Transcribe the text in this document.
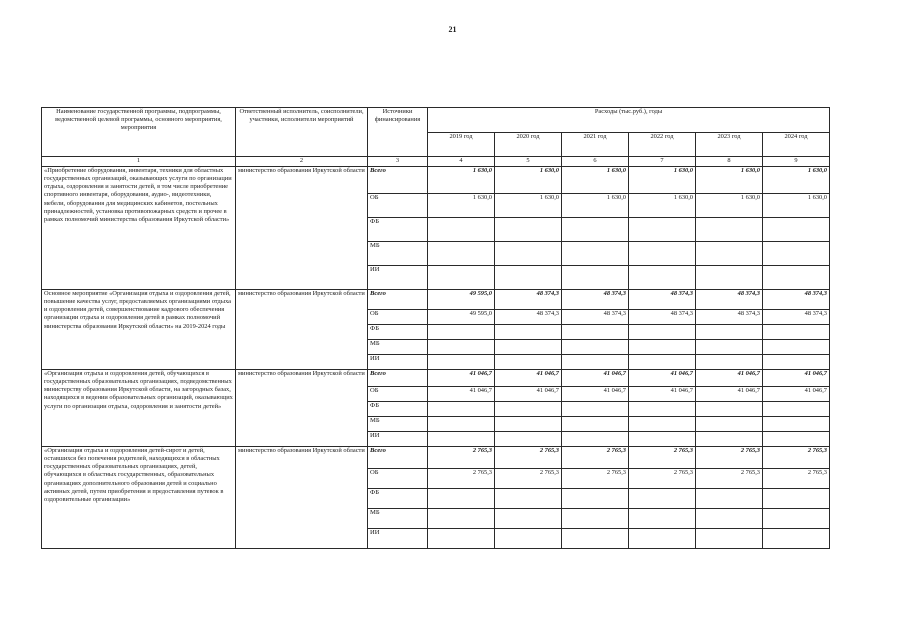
21
Наименование государственной программы, подпрограммы, ведомственной целевой программы, основного мероприятия, мероприятия	Ответственный исполнитель, соисполнители, участники, исполнители мероприятий	Источники финансирования	Расходы (тыс.руб.), годы					
			2019 год	2020 год	2021 год	2022 год	2023 год	2024 год
1	2	3	4	5	6	7	8	9
«Приобретение оборудования, инвентаря, техники для областных государственных организаций, оказывающих услуги по организации отдыха, оздоровления и занятости детей, в том числе приобретение спортивного инвентаря, оборудования, аудио-, видеотехники, мебели, оборудования для медицинских кабинетов, постельных принадлежностей, установка противопожарных средств и прочее в рамках полномочий министерства образования Иркутской области»	министерство образования Иркутской области	Всего	1 630,0	1 630,0	1 630,0	1 630,0	1 630,0	1 630,0
		ОБ	1 630,0	1 630,0	1 630,0	1 630,0	1 630,0	1 630,0
		ФБ						
		МБ						
		ИИ						
Основное мероприятие «Организация отдыха и оздоровления детей, повышение качества услуг, предоставляемых организациями отдыха и оздоровления детей, совершенствование кадрового обеспечения организации отдыха и оздоровления детей в рамках полномочий министерства образования Иркутской области» на 2019-2024 годы	министерство образования Иркутской области	Всего	49 595,0	48 374,3	48 374,3	48 374,3	48 374,3	48 374,3
		ОБ	49 595,0	48 374,3	48 374,3	48 374,3	48 374,3	48 374,3
		ФБ						
		МБ						
		ИИ						
«Организация отдыха и оздоровления детей, обучающихся в государственных образовательных организациях, подведомственных министерству образования Иркутской области, на загородных базах, находящихся в ведении образовательных организаций, оказывающих услуги по организации отдыха, оздоровления и занятости детей»	министерство образования Иркутской области	Всего	41 046,7	41 046,7	41 046,7	41 046,7	41 046,7	41 046,7
		ОБ	41 046,7	41 046,7	41 046,7	41 046,7	41 046,7	41 046,7
		ФБ						
		МБ						
		ИИ						
«Организация отдыха и оздоровления детей-сирот и детей, оставшихся без попечения родителей, находящихся в областных государственных образовательных организациях, детей, обучающихся в областных государственных, образовательных организациях дополнительного образования детей и социально активных детей, путем приобретения и предоставления путевок в оздоровительные организации»	министерство образования Иркутской области	Всего	2 765,3	2 765,3	2 765,3	2 765,3	2 765,3	2 765,3
		ОБ	2 765,3	2 765,3	2 765,3	2 765,3	2 765,3	2 765,3
		ФБ						
		МБ						
		ИИ						
